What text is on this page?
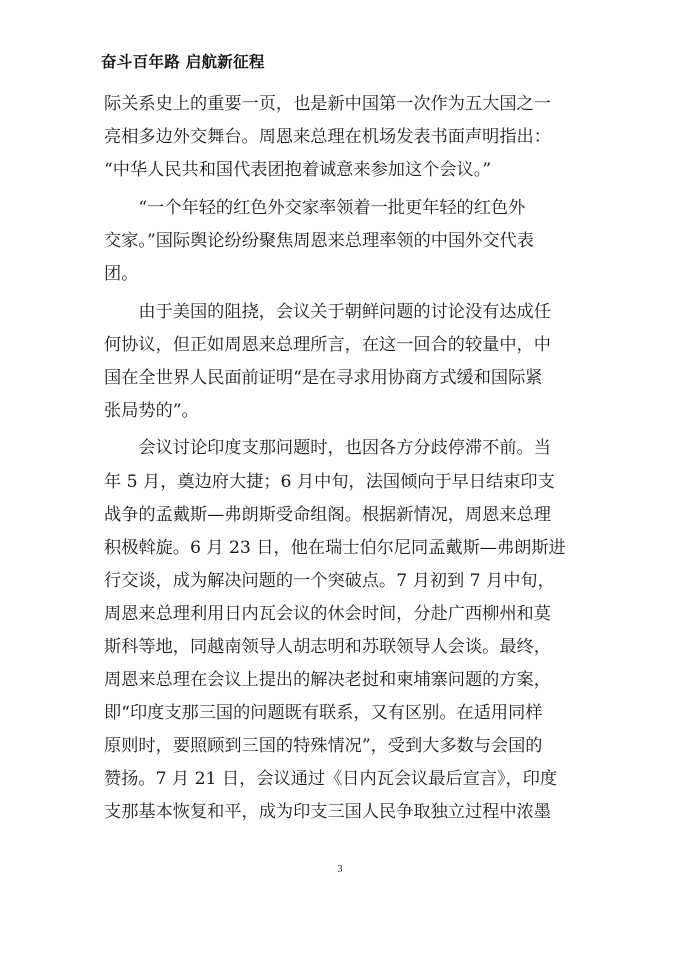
奋斗百年路 启航新征程
际关系史上的重要一页，也是新中国第一次作为五大国之一
亮相多边外交舞台。周恩来总理在机场发表书面声明指出：
“中华人民共和国代表团抱着诚意来参加这个会议。”
　　“一个年轻的红色外交家率领着一批更年轻的红色外
交家。”国际舆论纷纷聚焦周恩来总理率领的中国外交代表
团。
　　由于美国的阻挠，会议关于朝鲜问题的讨论没有达成任
何协议，但正如周恩来总理所言，在这一回合的较量中，中
国在全世界人民面前证明“是在寻求用协商方式缓和国际紧
张局势的”。
　　会议讨论印度支那问题时，也因各方分歧停滞不前。当
年 5 月，奠边府大捷；6 月中旬，法国倾向于早日结束印支
战争的孟戴斯—弗朗斯受命组阁。根据新情况，周恩来总理
积极斡旋。6 月 23 日，他在瑞士伯尔尼同孟戴斯—弗朗斯进
行交谈，成为解决问题的一个突破点。7 月初到 7 月中旬，
周恩来总理利用日内瓦会议的休会时间，分赴广西柳州和莫
斯科等地，同越南领导人胡志明和苏联领导人会谈。最终，
周恩来总理在会议上提出的解决老挝和柬埔寨问题的方案，
即“印度支那三国的问题既有联系，又有区别。在适用同样
原则时，要照顾到三国的特殊情况”，受到大多数与会国的
赞扬。7 月 21 日，会议通过《日内瓦会议最后宣言》，印度
支那基本恢复和平，成为印支三国人民争取独立过程中浓墨
3
